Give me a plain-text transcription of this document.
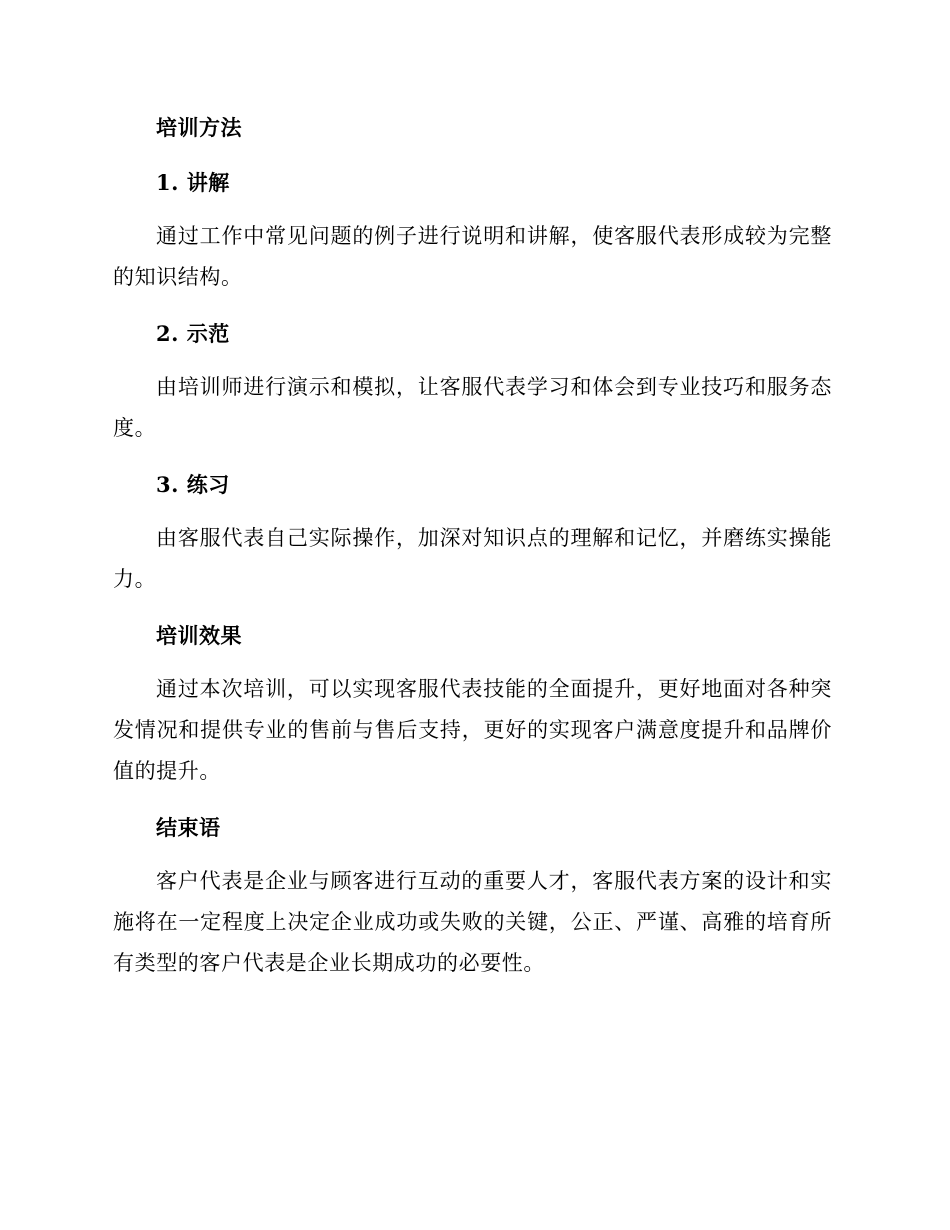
培训方法
1. 讲解

通过工作中常见问题的例子进行说明和讲解，使客服代表形成较为完整的知识结构。

2. 示范

由培训师进行演示和模拟，让客服代表学习和体会到专业技巧和服务态度。

3. 练习

由客服代表自己实际操作，加深对知识点的理解和记忆，并磨练实操能力。

培训效果

通过本次培训，可以实现客服代表技能的全面提升，更好地面对各种突发情况和提供专业的售前与售后支持，更好的实现客户满意度提升和品牌价值的提升。

结束语

客户代表是企业与顾客进行互动的重要人才，客服代表方案的设计和实施将在一定程度上决定企业成功或失败的关键，公正、严谨、高雅的培育所有类型的客户代表是企业长期成功的必要性。
